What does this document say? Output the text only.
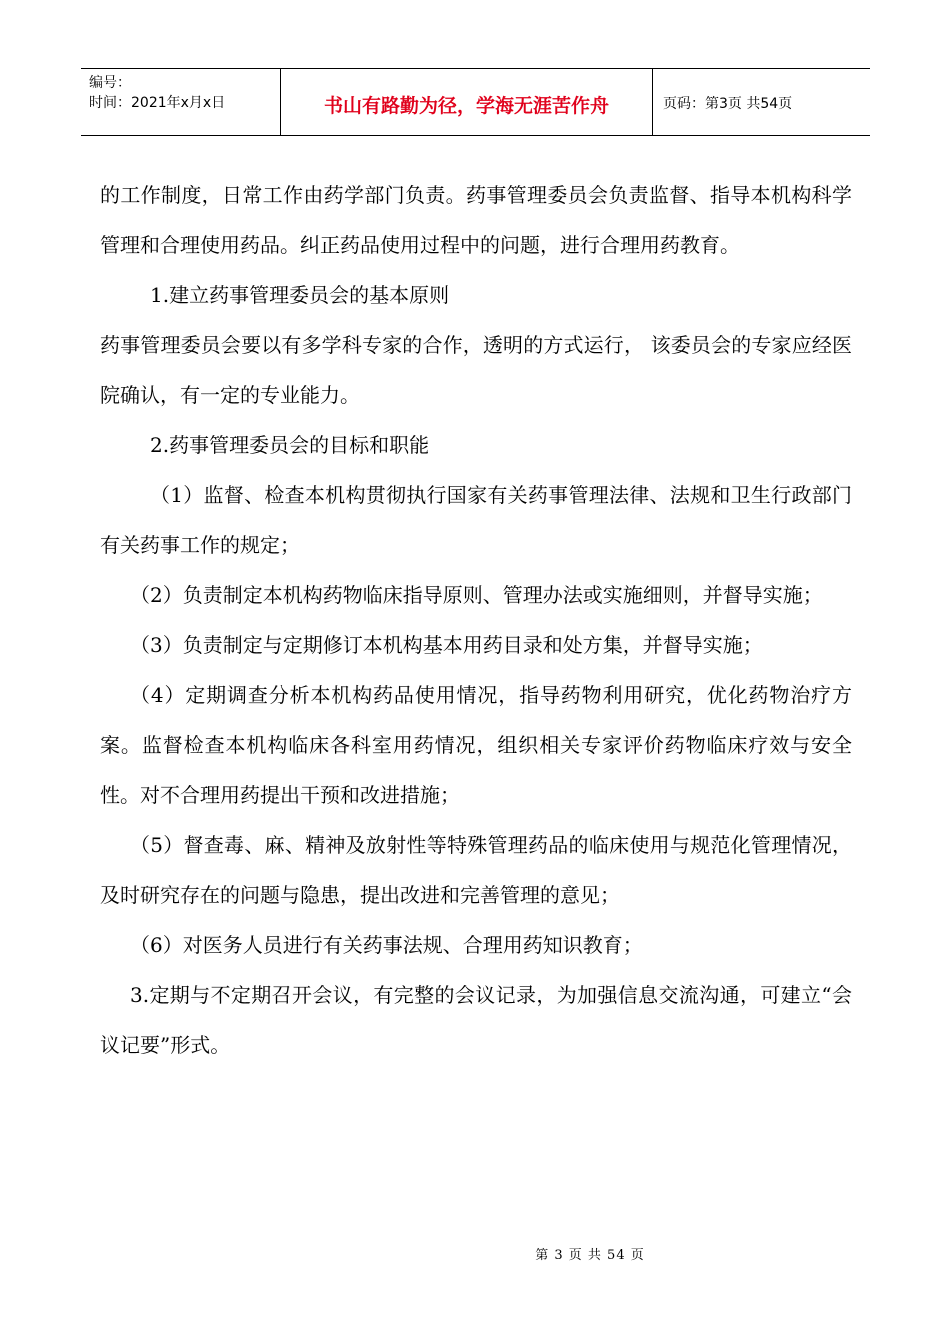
编号：
时间：2021年x月x日	书山有路勤为径，学海无涯苦作舟	页码：第3页 共54页

的工作制度，日常工作由药学部门负责。药事管理委员会负责监督、指导本机构科学管理和合理使用药品。纠正药品使用过程中的问题，进行合理用药教育。

1.建立药事管理委员会的基本原则

药事管理委员会要以有多学科专家的合作，透明的方式运行， 该委员会的专家应经医院确认，有一定的专业能力。

2.药事管理委员会的目标和职能

（1）监督、检查本机构贯彻执行国家有关药事管理法律、法规和卫生行政部门有关药事工作的规定；

（2）负责制定本机构药物临床指导原则、管理办法或实施细则，并督导实施；

（3）负责制定与定期修订本机构基本用药目录和处方集，并督导实施；

（4）定期调查分析本机构药品使用情况，指导药物利用研究，优化药物治疗方案。监督检查本机构临床各科室用药情况，组织相关专家评价药物临床疗效与安全性。对不合理用药提出干预和改进措施；

（5）督查毒、麻、精神及放射性等特殊管理药品的临床使用与规范化管理情况，及时研究存在的问题与隐患，提出改进和完善管理的意见；

（6）对医务人员进行有关药事法规、合理用药知识教育；

3.定期与不定期召开会议，有完整的会议记录，为加强信息交流沟通，可建立“会议记要”形式。

第 3 页 共 54 页
